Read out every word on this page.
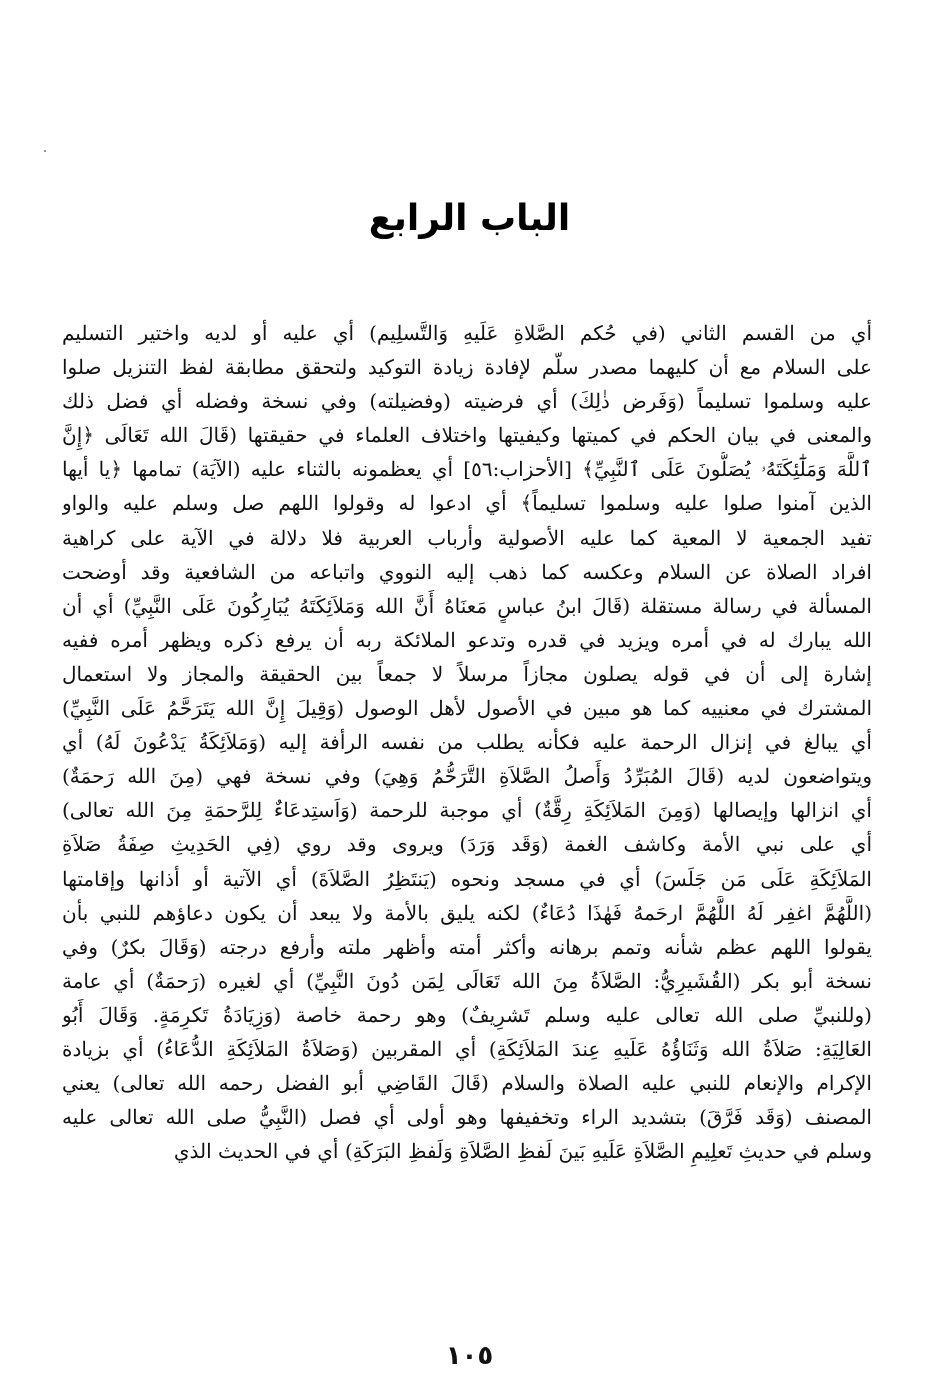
الباب الرابع
أي من القسم الثاني (في حُكم الصَّلاةِ عَلَيهِ وَالتَّسلِيم) أي عليه أو لديه واختير التسليم
على السلام مع أن كليهما مصدر سلّم لإفادة زيادة التوكيد ولتحقق مطابقة لفظ التنزيل صلوا
عليه وسلموا تسليماً (وَفَرض ذٰلِكَ) أي فرضيته (وفضيلته) وفي نسخة وفضله أي فضل ذلك
والمعنى في بيان الحكم في كميتها وكيفيتها واختلاف العلماء في حقيقتها (قَالَ الله تَعَالَى ﴿إِنَّ
ٱللَّهَ وَمَلَٰٓئِكَتَهُۥ يُصَلُّونَ عَلَى ٱلنَّبِيِّ﴾ [الأحزاب:٥٦] أي يعظمونه بالثناء عليه (الآيَة) تمامها ﴿يا أيها
الذين آمنوا صلوا عليه وسلموا تسليماً﴾ أي ادعوا له وقولوا اللهم صل وسلم عليه والواو
تفيد الجمعية لا المعية كما عليه الأصولية وأرباب العربية فلا دلالة في الآية على كراهية
افراد الصلاة عن السلام وعكسه كما ذهب إليه النووي واتباعه من الشافعية وقد أوضحت
المسألة في رسالة مستقلة (قَالَ ابنُ عباسٍ مَعنَاهُ أَنَّ الله وَمَلاَئِكَتَهُ يُبَارِكُونَ عَلَى النَّبِيِّ) أي أن
الله يبارك له في أمره ويزيد في قدره وتدعو الملائكة ربه أن يرفع ذكره ويظهر أمره ففيه
إشارة إلى أن في قوله يصلون مجازاً مرسلاً لا جمعاً بين الحقيقة والمجاز ولا استعمال
المشترك في معنييه كما هو مبين في الأصول لأهل الوصول (وَقِيلَ إِنَّ الله يَتَرَحَّمُ عَلَى النَّبِيِّ)
أي يبالغ في إنزال الرحمة عليه فكأنه يطلب من نفسه الرأفة إليه (وَمَلاَئِكَةُ يَدْعُونَ لَهُ) أي
ويتواضعون لديه (قَالَ المُبَرِّدُ وَأَصلُ الصَّلاَةِ التَّرَحُّمُ وَهِيَ) وفي نسخة فهي (مِنَ الله رَحمَةٌ)
أي انزالها وإيصالها (وَمِنَ المَلاَئِكَةِ رِقَّةٌ) أي موجبة للرحمة (وَاَستِدعَاءٌ لِلرَّحمَةِ مِنَ الله تعالى)
أي على نبي الأمة وكاشف الغمة (وَقَد وَرَدَ) ويروى وقد روي (فِي الحَدِيثِ صِفَةُ صَلاَةِ
المَلاَئِكَةِ عَلَى مَن جَلَسَ) أي في مسجد ونحوه (يَنتَظِرُ الصَّلاَةَ) أي الآتية أو أذانها وإقامتها
(اللَّهُمَّ اغفِر لَهُ اللَّهُمَّ ارحَمهُ فَهٰذَا دُعَاءٌ) لكنه يليق بالأمة ولا يبعد أن يكون دعاؤهم للنبي بأن
يقولوا اللهم عظم شأنه وتمم برهانه وأكثر أمته وأظهر ملته وأرفع درجته (وَقَالَ بكرٌ) وفي
نسخة أبو بكر (القُشَيرِيُّ: الصَّلاَةُ مِنَ الله تَعَالَى لِمَن دُونَ النَّبِيِّ) أي لغيره (رَحمَةٌ) أي عامة
(وللنبيِّ صلى الله تعالى عليه وسلم تَشرِيفٌ) وهو رحمة خاصة (وَزِيَادَةُ تَكرِمَةٍ. وَقَالَ أَبُو
العَالِيَةِ: صَلاَةُ الله وَثَنَاؤُهُ عَلَيهِ عِندَ المَلاَئِكَةِ) أي المقربين (وَصَلاَةُ المَلاَئِكَةِ الدُّعَاءُ) أي بزيادة
الإكرام والإنعام للنبي عليه الصلاة والسلام (قَالَ القَاضِي أبو الفضل رحمه الله تعالى) يعني
المصنف (وَقَد فَرَّقَ) بتشديد الراء وتخفيفها وهو أولى أي فصل (النَّبِيُّ صلى الله تعالى عليه
وسلم في حديثِ تَعلِيمِ الصَّلاَةِ عَلَيهِ بَينَ لَفظِ الصَّلاَةِ وَلَفظِ البَرَكَةِ) أي في الحديث الذي
١٠٥
